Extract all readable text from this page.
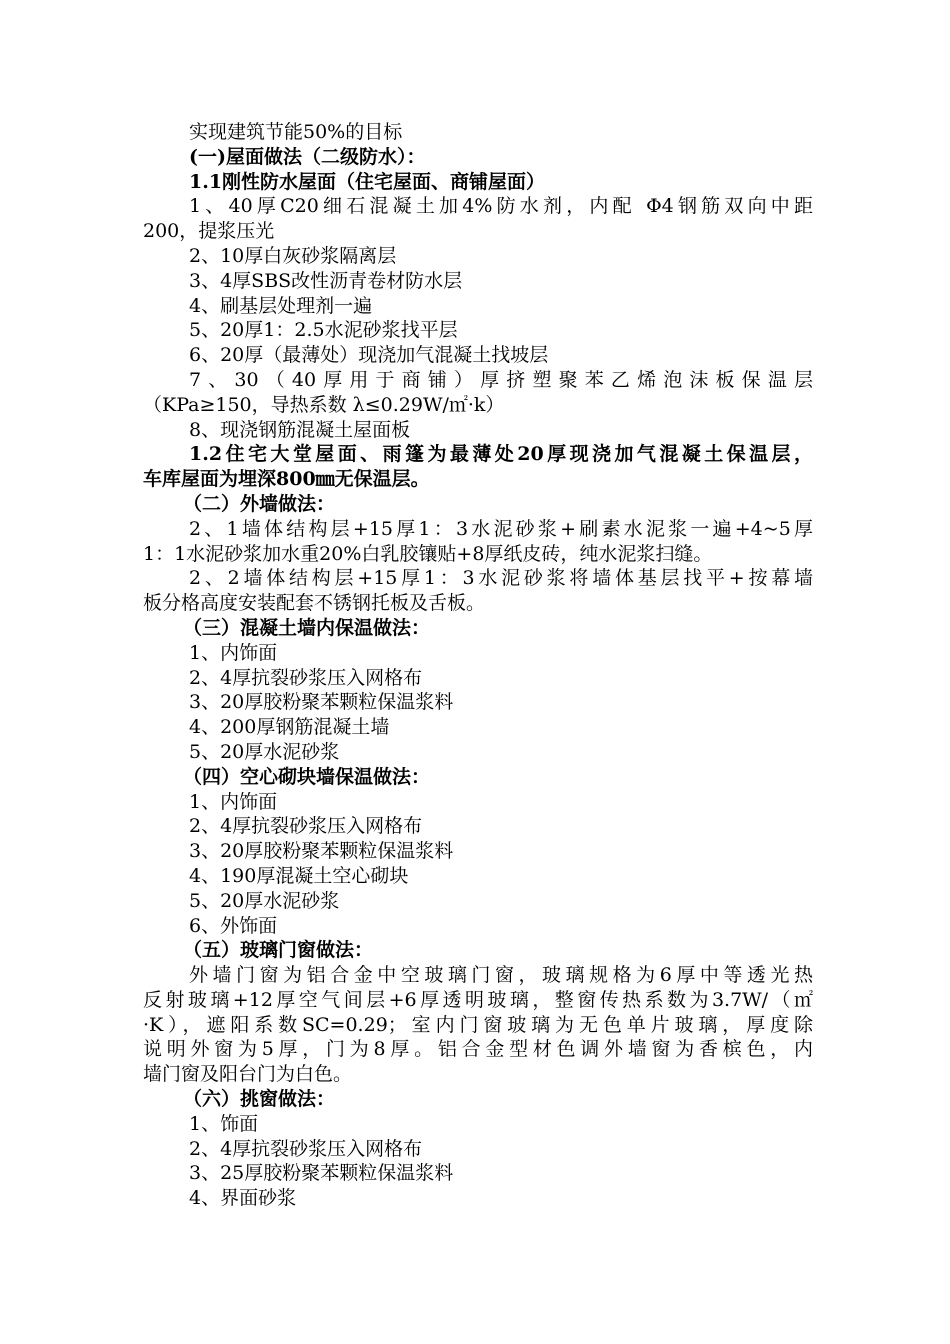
实现建筑节能50%的目标
(一)屋面做法（二级防水）：
1.1刚性防水屋面（住宅屋面、商铺屋面）
1、40厚C20细石混凝土加4%防水剂，内配 Φ4钢筋双向中距
200，提浆压光
2、10厚白灰砂浆隔离层
3、4厚SBS改性沥青卷材防水层
4、刷基层处理剂一遍
5、20厚1：2.5水泥砂浆找平层
6、20厚（最薄处）现浇加气混凝土找坡层
7、30（40厚用于商铺）厚挤塑聚苯乙烯泡沫板保温层
（KPa≥150，导热系数 λ≤0.29W/㎡·k）
8、现浇钢筋混凝土屋面板
1.2住宅大堂屋面、雨篷为最薄处20厚现浇加气混凝土保温层，
车库屋面为埋深800㎜无保温层。
（二）外墙做法：
2、1墙体结构层+15厚1：3水泥砂浆+刷素水泥浆一遍+4~5厚
1：1水泥砂浆加水重20%白乳胶镶贴+8厚纸皮砖，纯水泥浆扫缝。
2、2墙体结构层+15厚1：3水泥砂浆将墙体基层找平+按幕墙
板分格高度安装配套不锈钢托板及舌板。
（三）混凝土墙内保温做法：
1、内饰面
2、4厚抗裂砂浆压入网格布
3、20厚胶粉聚苯颗粒保温浆料
4、200厚钢筋混凝土墙
5、20厚水泥砂浆
（四）空心砌块墙保温做法：
1、内饰面
2、4厚抗裂砂浆压入网格布
3、20厚胶粉聚苯颗粒保温浆料
4、190厚混凝土空心砌块
5、20厚水泥砂浆
6、外饰面
（五）玻璃门窗做法：
外墙门窗为铝合金中空玻璃门窗，玻璃规格为6厚中等透光热
反射玻璃+12厚空气间层+6厚透明玻璃，整窗传热系数为3.7W/（㎡
·K），遮阳系数SC=0.29；室内门窗玻璃为无色单片玻璃，厚度除
说明外窗为5厚，门为8厚。铝合金型材色调外墙窗为香槟色，内
墙门窗及阳台门为白色。
（六）挑窗做法：
1、饰面
2、4厚抗裂砂浆压入网格布
3、25厚胶粉聚苯颗粒保温浆料
4、界面砂浆
